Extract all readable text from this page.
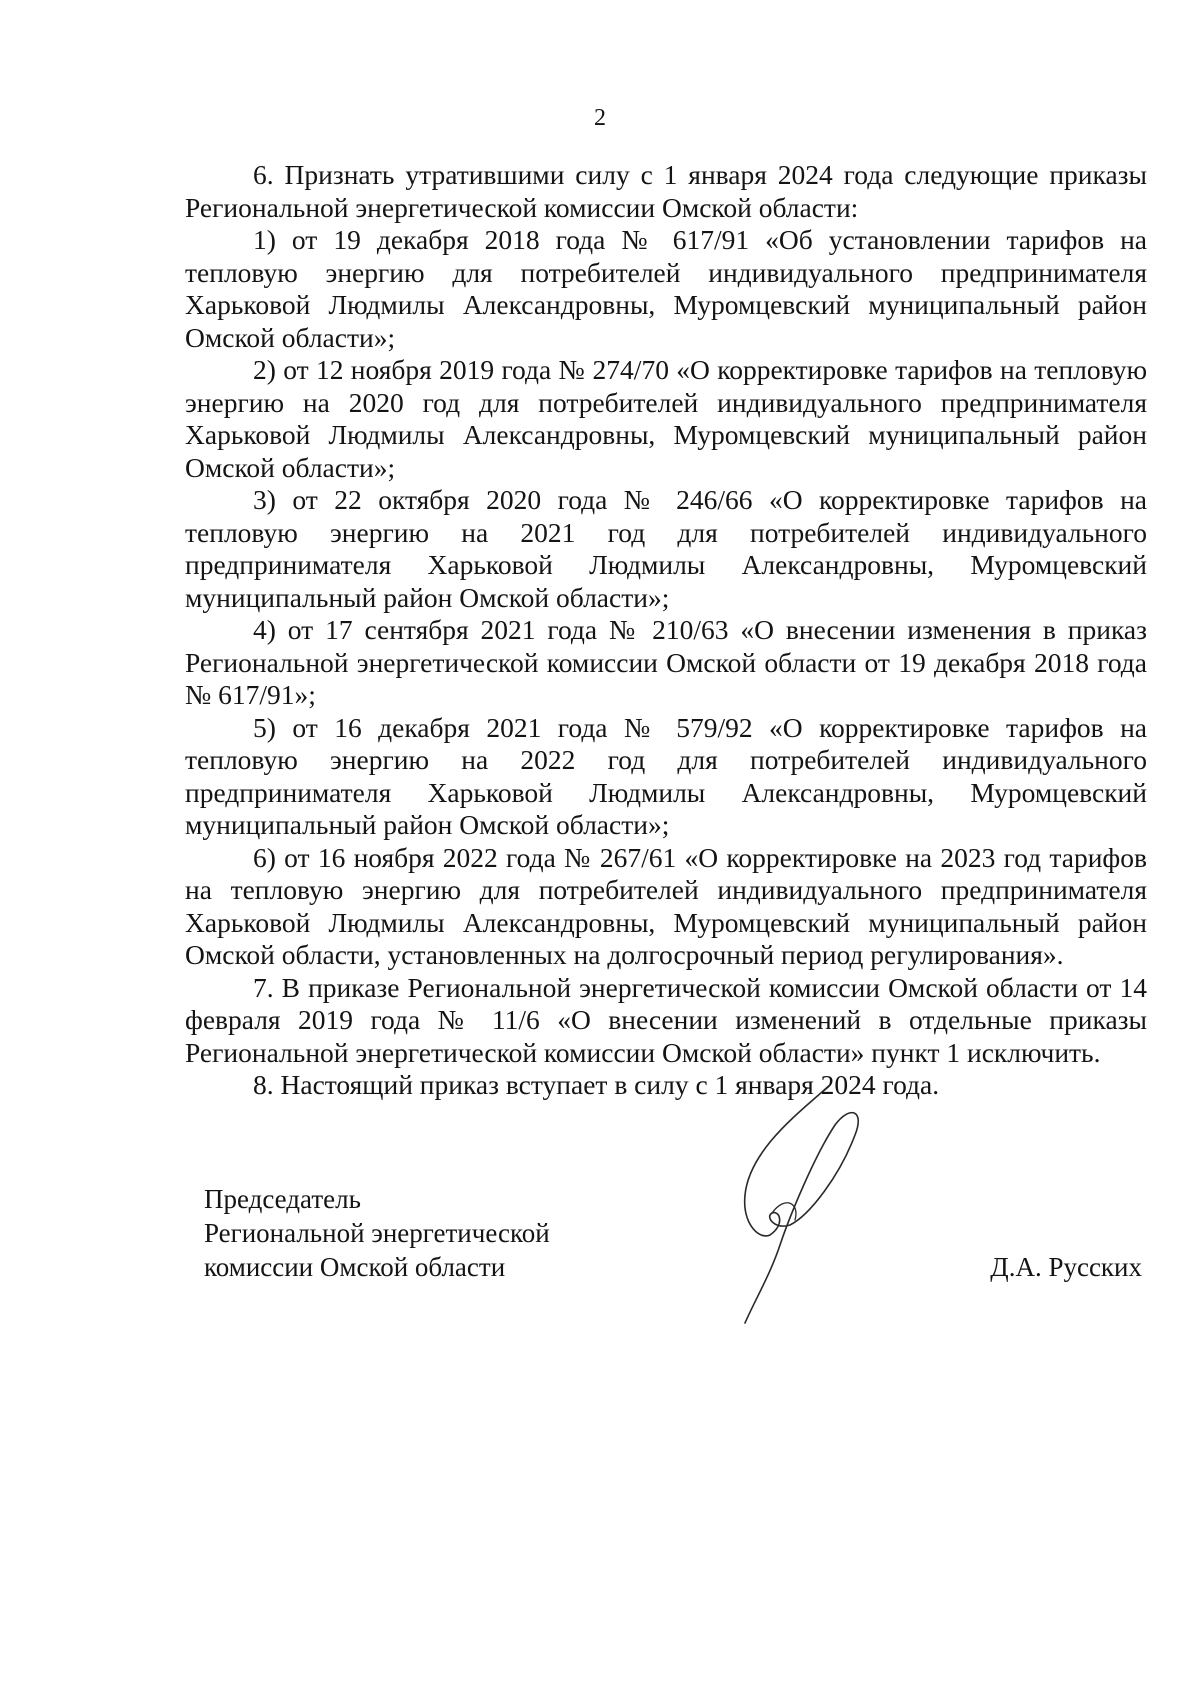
2

6. Признать утратившими силу с 1 января 2024 года следующие приказы Региональной энергетической комиссии Омской области:

1) от 19 декабря 2018 года № 617/91 «Об установлении тарифов на тепловую энергию для потребителей индивидуального предпринимателя Харьковой Людмилы Александровны, Муромцевский муниципальный район Омской области»;

2) от 12 ноября 2019 года № 274/70 «О корректировке тарифов на тепловую энергию на 2020 год для потребителей индивидуального предпринимателя Харьковой Людмилы Александровны, Муромцевский муниципальный район Омской области»;

3) от 22 октября 2020 года № 246/66 «О корректировке тарифов на тепловую энергию на 2021 год для потребителей индивидуального предпринимателя Харьковой Людмилы Александровны, Муромцевский муниципальный район Омской области»;

4) от 17 сентября 2021 года № 210/63 «О внесении изменения в приказ Региональной энергетической комиссии Омской области от 19 декабря 2018 года № 617/91»;

5) от 16 декабря 2021 года № 579/92 «О корректировке тарифов на тепловую энергию на 2022 год для потребителей индивидуального предпринимателя Харьковой Людмилы Александровны, Муромцевский муниципальный район Омской области»;

6) от 16 ноября 2022 года № 267/61 «О корректировке на 2023 год тарифов на тепловую энергию для потребителей индивидуального предпринимателя Харьковой Людмилы Александровны, Муромцевский муниципальный район Омской области, установленных на долгосрочный период регулирования».

7. В приказе Региональной энергетической комиссии Омской области от 14 февраля 2019 года № 11/6 «О внесении изменений в отдельные приказы Региональной энергетической комиссии Омской области» пункт 1 исключить.

8. Настоящий приказ вступает в силу с 1 января 2024 года.

Председатель
Региональной энергетической
комиссии Омской области	Д.А. Русских
